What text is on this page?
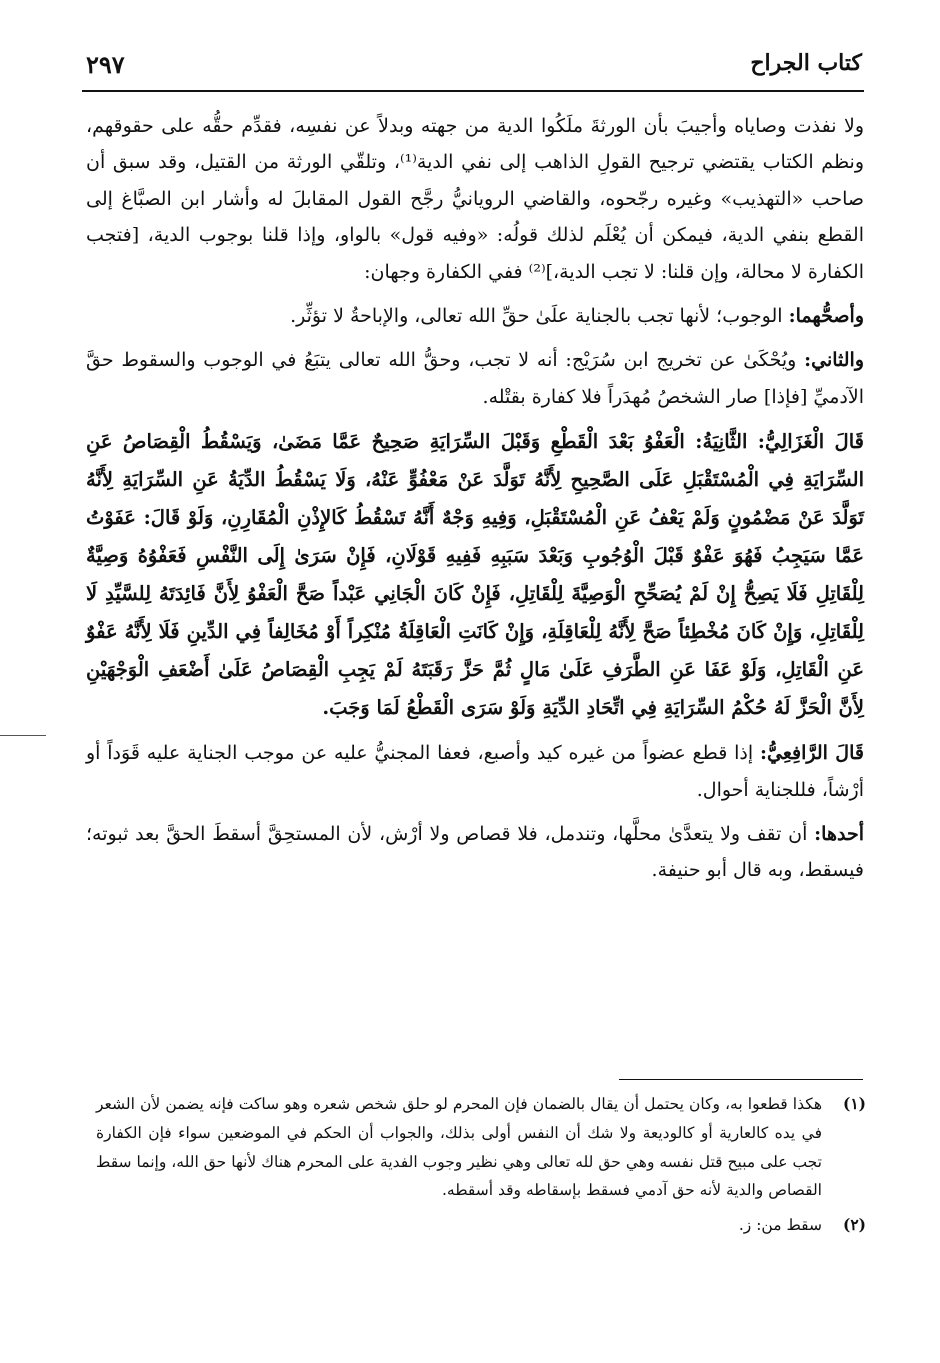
كتاب الجراح
٢٩٧

ولا نفذت وصاياه وأجيبَ بأن الورثةَ ملَكُوا الدية من جهته وبدلاً عن نفسِه، فقدِّم حقُّه على حقوقهم، ونظم الكتاب يقتضي ترجيح القولِ الذاهب إلى نفي الدية⁽¹⁾، وتلقّي الورثة من القتيل، وقد سبق أن صاحب «التهذيب» وغيره رجّحوه، والقاضي الرويانيُّ رجَّح القول المقابلَ له وأشار ابن الصبَّاغ إلى القطع بنفي الدية، فيمكن أن يُعْلَم لذلك قولُه: «وفيه قول» بالواو، وإذا قلنا بوجوب الدية، [فتجب الكفارة لا محالة، وإن قلنا: لا تجب الدية،]⁽²⁾ ففي الكفارة وجهان:

وأصحُّهما: الوجوب؛ لأنها تجب بالجناية علَىٰ حقِّ الله تعالى، والإباحةُ لا تؤثِّر.

والثاني: ويُحْكَىٰ عن تخريج ابن سُرَيْج: أنه لا تجب، وحقُّ الله تعالى يتبَعُ في الوجوب والسقوط حقَّ الآدميِّ [فإذا] صار الشخصُ مُهدَراً فلا كفارة بقتْله.

قَالَ الْغَزَالِيُّ: الثَّانِيَةُ: الْعَفْوُ بَعْدَ الْقَطْعِ وَقَبْلَ السِّرَايَةِ صَحِيحٌ عَمَّا مَضَىٰ، وَيَسْقُطُ الْقِصَاصُ عَنِ السِّرَايَةِ فِي الْمُسْتَقْبَلِ عَلَى الصَّحِيحِ لِأَنَّهُ تَوَلَّدَ عَنْ مَعْفُوٍّ عَنْهُ، وَلَا يَسْقُطُ الدِّيَةُ عَنِ السِّرَايَةِ لِأَنَّهُ تَوَلَّدَ عَنْ مَضْمُونٍ وَلَمْ يَعْفُ عَنِ الْمُسْتَقْبَلِ، وَفِيهِ وَجْهٌ أَنَّهُ تَسْقُطُ كَالإِذْنِ الْمُقَارِنِ، وَلَوْ قَالَ: عَفَوْتُ عَمَّا سَيَجِبُ فَهُوَ عَفْوٌ قَبْلَ الْوُجُوبِ وَبَعْدَ سَبَبِهِ فَفِيهِ قَوْلَانِ، فَإِنْ سَرَىٰ إِلَى النَّفْسِ فَعَفْوُهُ وَصِيَّةٌ لِلْقَاتِلِ فَلَا يَصِحُّ إِنْ لَمْ يُصَحِّحِ الْوَصِيَّةَ لِلْقَاتِلِ، فَإِنْ كَانَ الْجَانِي عَبْداً صَحَّ الْعَفْوُ لِأَنَّ فَائِدَتَهُ لِلسَّيِّدِ لَا لِلْقَاتِلِ، وَإِنْ كَانَ مُخْطِئاً صَحَّ لِأَنَّهُ لِلْعَاقِلَةِ، وَإِنْ كَانَتِ الْعَاقِلَةُ مُنْكِراً أَوْ مُخَالِفاً فِي الدِّينِ فَلَا لِأَنَّهُ عَفْوٌ عَنِ الْقَاتِلِ، وَلَوْ عَفَا عَنِ الطَّرَفِ عَلَىٰ مَالٍ ثُمَّ حَزَّ رَقَبَتَهُ لَمْ يَجِبِ الْقِصَاصُ عَلَىٰ أَضْعَفِ الْوَجْهَيْنِ لِأَنَّ الْحَزَّ لَهُ حُكْمُ السِّرَايَةِ فِي اتِّحَادِ الدِّيَةِ وَلَوْ سَرَى الْقَطْعُ لَمَا وَجَبَ.

قَالَ الرَّافِعِيُّ: إذا قطع عضواً من غيره كيد وأصبع، فعفا المجنيُّ عليه عن موجب الجناية عليه قَوَداً أو أرْشاً، فللجناية أحوال.

أحدها: أن تقف ولا يتعدَّىٰ محلَّها، وتندمل، فلا قصاص ولا أرْش، لأن المستحِقَّ أسقطَ الحقَّ بعد ثبوته؛ فيسقط، وبه قال أبو حنيفة.

(١)
هكذا قطعوا به، وكان يحتمل أن يقال بالضمان فإن المحرم لو حلق شخص شعره وهو ساكت فإنه يضمن لأن الشعر في يده كالعارية أو كالوديعة ولا شك أن النفس أولى بذلك، والجواب أن الحكم في الموضعين سواء فإن الكفارة تجب على مبيح قتل نفسه وهي حق لله تعالى وهي نظير وجوب الفدية على المحرم هناك لأنها حق الله، وإنما سقط القصاص والدية لأنه حق آدمي فسقط بإسقاطه وقد أسقطه.
(٢)
سقط من: ز.
